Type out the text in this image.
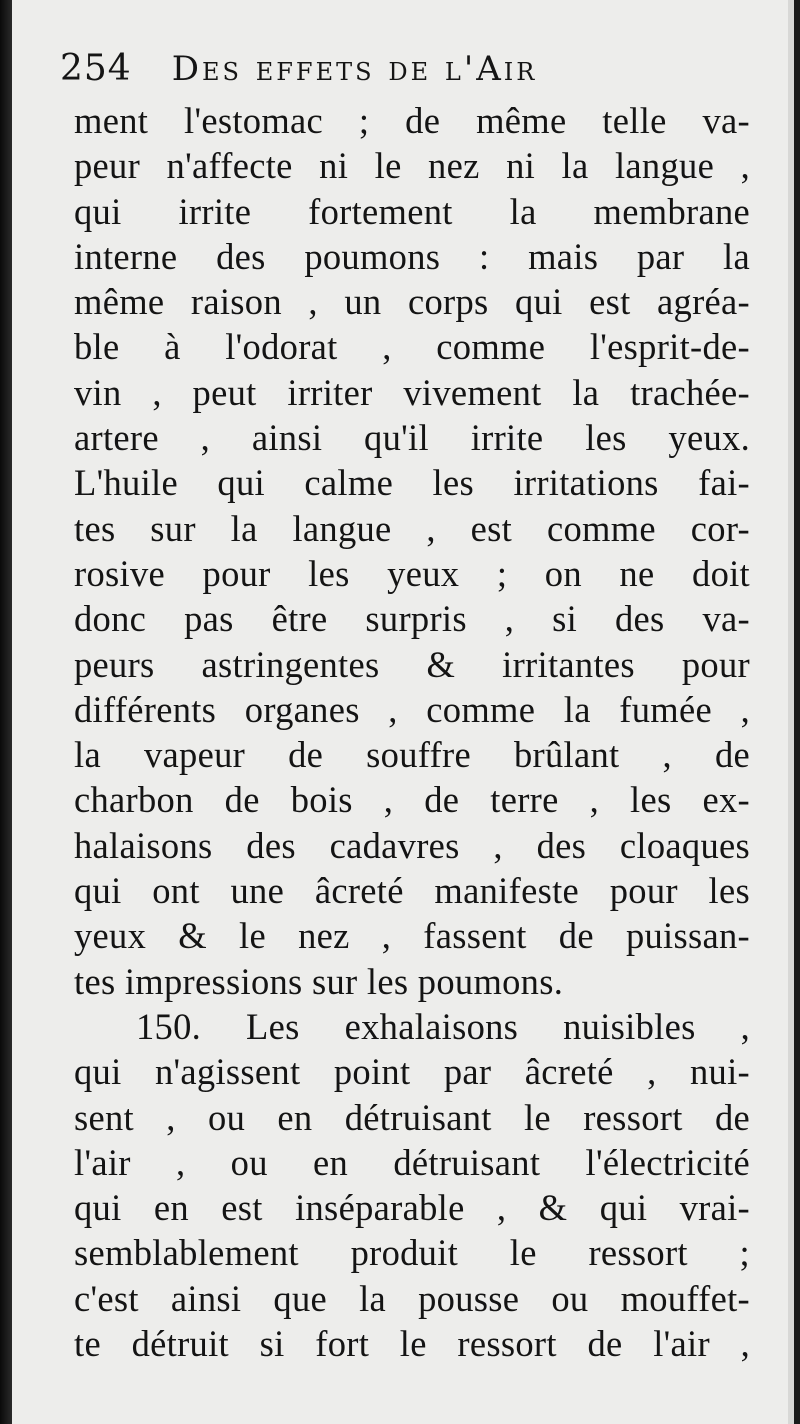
254 Des effets de l'Air
ment l'estomac ; de même telle va-
peur n'affecte ni le nez ni la langue ,
qui irrite fortement la membrane
interne des poumons : mais par la
même raison , un corps qui est agréa-
ble à l'odorat , comme l'esprit-de-
vin , peut irriter vivement la trachée-
artere , ainsi qu'il irrite les yeux.
L'huile qui calme les irritations fai-
tes sur la langue , est comme cor-
rosive pour les yeux ; on ne doit
donc pas être surpris , si des va-
peurs astringentes & irritantes pour
différents organes , comme la fumée ,
la vapeur de souffre brûlant , de
charbon de bois , de terre , les ex-
halaisons des cadavres , des cloaques
qui ont une âcreté manifeste pour les
yeux & le nez , fassent de puissan-
tes impressions sur les poumons.
150. Les exhalaisons nuisibles ,
qui n'agissent point par âcreté , nui-
sent , ou en détruisant le ressort de
l'air , ou en détruisant l'électricité
qui en est inséparable , & qui vrai-
semblablement produit le ressort ;
c'est ainsi que la pousse ou mouffet-
te détruit si fort le ressort de l'air ,
